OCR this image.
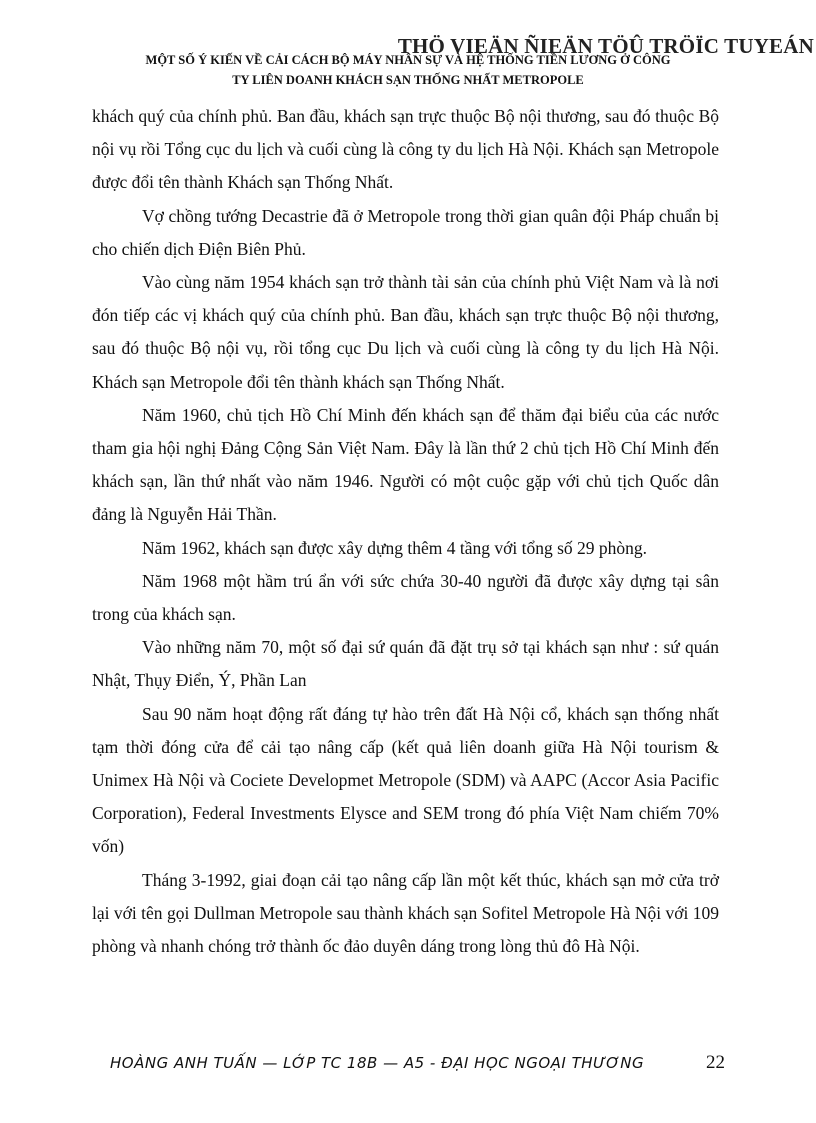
THÖ VIEÄN ÑIEÄN TÖÛ TRÖÏC TUYEÁN
MỘT SỐ Ý KIẾN VỀ CẢI CÁCH BỘ MÁY NHÂN SỰ VÀ HỆ THỐNG TIỀN LƯƠNG Ở CÔNG
TY LIÊN DOANH KHÁCH SẠN THỐNG NHẤT METROPOLE

khách quý của chính phủ. Ban đầu, khách sạn trực thuộc Bộ nội thương, sau đó thuộc Bộ nội vụ rồi Tổng cục du lịch và cuối cùng là công ty du lịch Hà Nội. Khách sạn Metropole được đổi tên thành Khách sạn Thống Nhất.

Vợ chồng tướng Decastrie đã ở Metropole trong thời gian quân đội Pháp chuẩn bị cho chiến dịch Điện Biên Phủ.

Vào cùng năm 1954 khách sạn trở thành tài sản của chính phủ Việt Nam và là nơi đón tiếp các vị khách quý của chính phủ. Ban đầu, khách sạn trực thuộc Bộ nội thương, sau đó thuộc Bộ nội vụ, rồi tổng cục Du lịch và cuối cùng là công ty du lịch Hà Nội. Khách sạn Metropole đổi tên thành khách sạn Thống Nhất.

Năm 1960, chủ tịch Hồ Chí Minh đến khách sạn để thăm đại biểu của các nước tham gia hội nghị Đảng Cộng Sản Việt Nam. Đây là lần thứ 2 chủ tịch Hồ Chí Minh đến khách sạn, lần thứ nhất vào năm 1946. Người có một cuộc gặp với chủ tịch Quốc dân đảng là Nguyễn Hải Thần.

Năm 1962, khách sạn được xây dựng thêm 4 tầng với tổng số 29 phòng.

Năm 1968 một hầm trú ẩn với sức chứa 30-40 người đã được xây dựng tại sân trong của khách sạn.

Vào những năm 70, một số đại sứ quán đã đặt trụ sở tại khách sạn như : sứ quán Nhật, Thụy Điển, Ý, Phần Lan

Sau 90 năm hoạt động rất đáng tự hào trên đất Hà Nội cổ, khách sạn thống nhất tạm thời đóng cửa để cải tạo nâng cấp (kết quả liên doanh giữa Hà Nội tourism & Unimex Hà Nội và Cociete Developmet Metropole (SDM) và AAPC (Accor Asia Pacific Corporation), Federal Investments Elysce and SEM trong đó phía Việt Nam chiếm 70% vốn)

Tháng 3-1992, giai đoạn cải tạo nâng cấp lần một kết thúc, khách sạn mở cửa trở lại với tên gọi Dullman Metropole sau thành khách sạn Sofitel Metropole Hà Nội với 109 phòng và nhanh chóng trở thành ốc đảo duyên dáng trong lòng thủ đô Hà Nội.

HOÀNG ANH TUẤN — LỚP TC 18B — A5 - ĐẠI HỌC NGOẠI THƯƠNG	22
